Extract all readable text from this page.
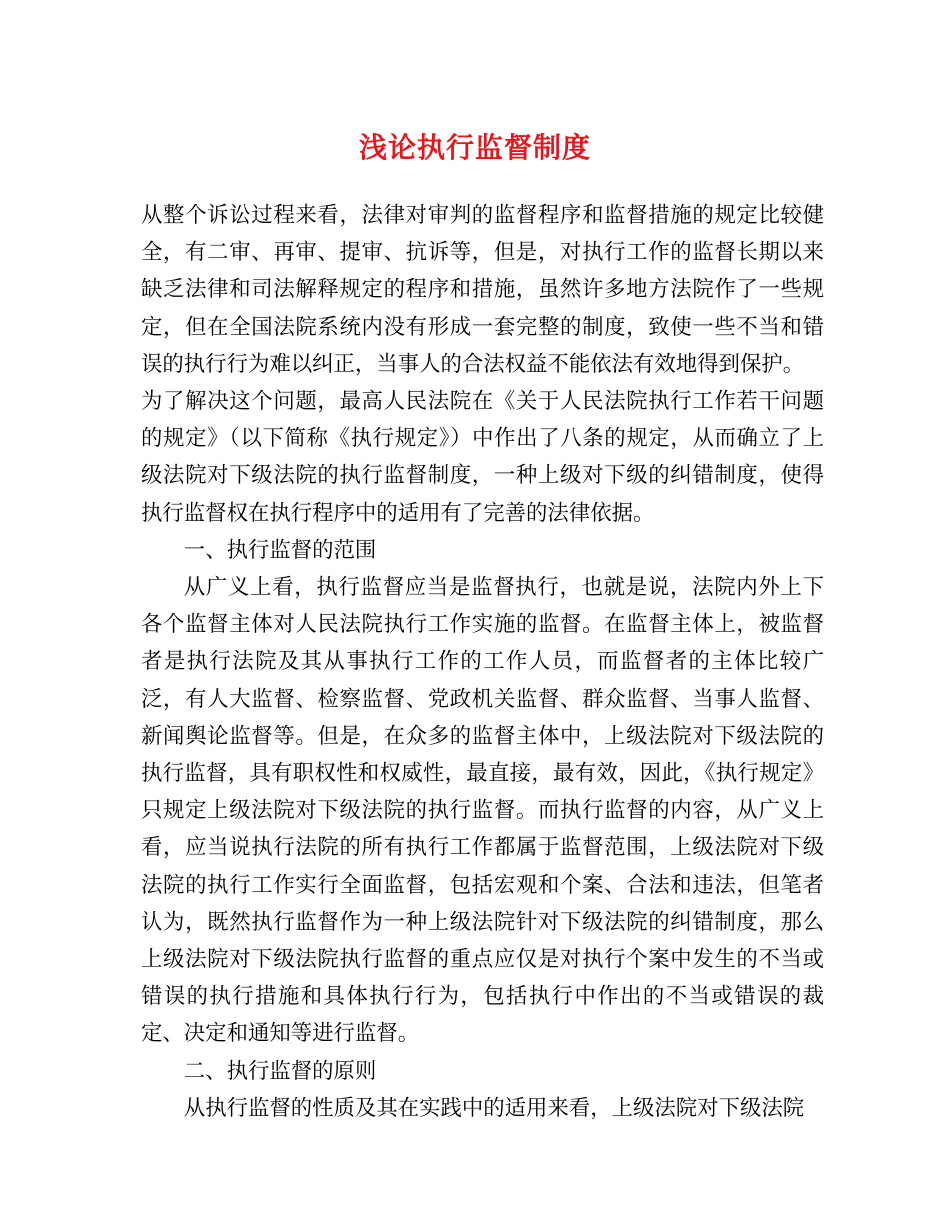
浅论执行监督制度

从整个诉讼过程来看，法律对审判的监督程序和监督措施的规定比较健全，有二审、再审、提审、抗诉等，但是，对执行工作的监督长期以来缺乏法律和司法解释规定的程序和措施，虽然许多地方法院作了一些规定，但在全国法院系统内没有形成一套完整的制度，致使一些不当和错误的执行行为难以纠正，当事人的合法权益不能依法有效地得到保护。

为了解决这个问题，最高人民法院在《关于人民法院执行工作若干问题的规定》（以下简称《执行规定》）中作出了八条的规定，从而确立了上级法院对下级法院的执行监督制度，一种上级对下级的纠错制度，使得执行监督权在执行程序中的适用有了完善的法律依据。

一、执行监督的范围

从广义上看，执行监督应当是监督执行，也就是说，法院内外上下各个监督主体对人民法院执行工作实施的监督。在监督主体上，被监督者是执行法院及其从事执行工作的工作人员，而监督者的主体比较广泛，有人大监督、检察监督、党政机关监督、群众监督、当事人监督、新闻舆论监督等。但是，在众多的监督主体中，上级法院对下级法院的执行监督，具有职权性和权威性，最直接，最有效，因此，《执行规定》只规定上级法院对下级法院的执行监督。而执行监督的内容，从广义上看，应当说执行法院的所有执行工作都属于监督范围，上级法院对下级法院的执行工作实行全面监督，包括宏观和个案、合法和违法，但笔者认为，既然执行监督作为一种上级法院针对下级法院的纠错制度，那么上级法院对下级法院执行监督的重点应仅是对执行个案中发生的不当或错误的执行措施和具体执行行为，包括执行中作出的不当或错误的裁定、决定和通知等进行监督。

二、执行监督的原则

从执行监督的性质及其在实践中的适用来看，上级法院对下级法院
